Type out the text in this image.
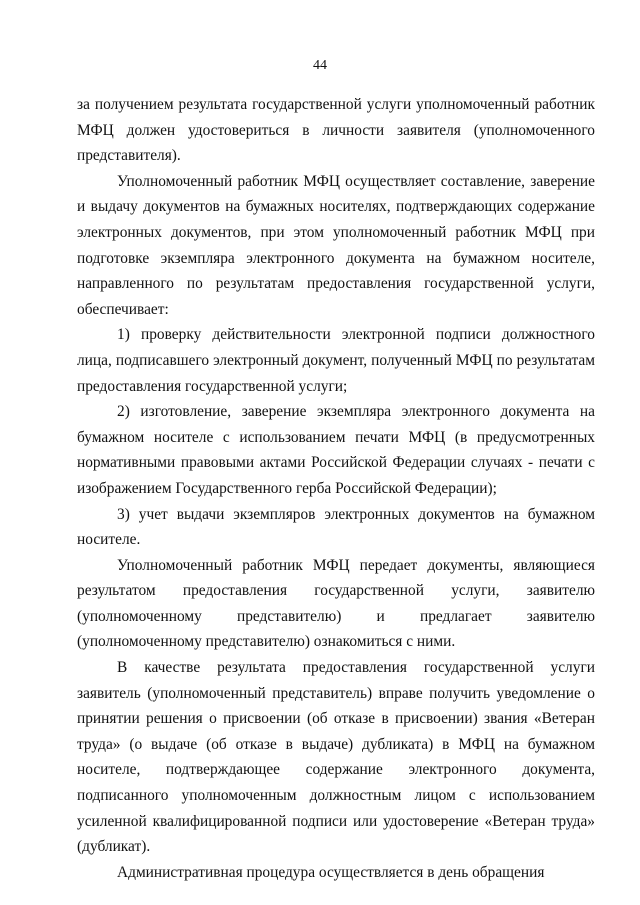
44

за получением результата государственной услуги уполномоченный работник МФЦ должен удостовериться в личности заявителя (уполномоченного представителя).

Уполномоченный работник МФЦ осуществляет составление, заверение и выдачу документов на бумажных носителях, подтверждающих содержание электронных документов, при этом уполномоченный работник МФЦ при подготовке экземпляра электронного документа на бумажном носителе, направленного по результатам предоставления государственной услуги, обеспечивает:

1) проверку действительности электронной подписи должностного лица, подписавшего электронный документ, полученный МФЦ по результатам предоставления государственной услуги;

2) изготовление, заверение экземпляра электронного документа на бумажном носителе с использованием печати МФЦ (в предусмотренных нормативными правовыми актами Российской Федерации случаях - печати с изображением Государственного герба Российской Федерации);

3) учет выдачи экземпляров электронных документов на бумажном носителе.

Уполномоченный работник МФЦ передает документы, являющиеся результатом предоставления государственной услуги, заявителю (уполномоченному представителю) и предлагает заявителю (уполномоченному представителю) ознакомиться с ними.

В качестве результата предоставления государственной услуги заявитель (уполномоченный представитель) вправе получить уведомление о принятии решения о присвоении (об отказе в присвоении) звания «Ветеран труда» (о выдаче (об отказе в выдаче) дубликата) в МФЦ на бумажном носителе, подтверждающее содержание электронного документа, подписанного уполномоченным должностным лицом с использованием усиленной квалифицированной подписи или удостоверение «Ветеран труда» (дубликат).

Административная процедура осуществляется в день обращения
